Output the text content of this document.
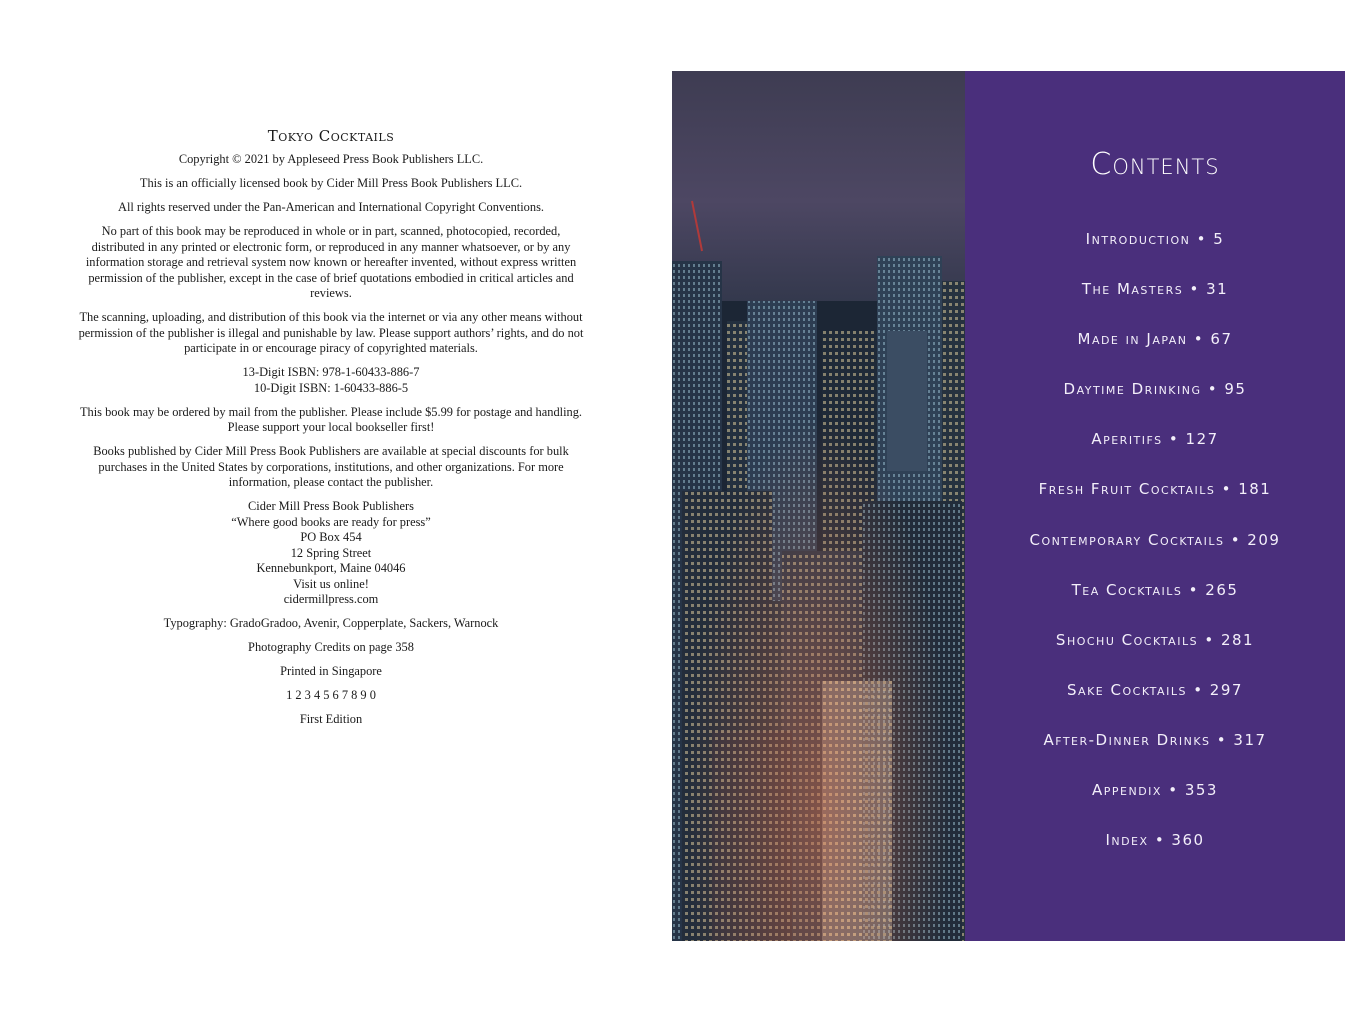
Tokyo Cocktails

Copyright © 2021 by Appleseed Press Book Publishers LLC.

This is an officially licensed book by Cider Mill Press Book Publishers LLC.

All rights reserved under the Pan-American and International Copyright Conventions.

No part of this book may be reproduced in whole or in part, scanned, photocopied, recorded, distributed in any printed or electronic form, or reproduced in any manner whatsoever, or by any information storage and retrieval system now known or hereafter invented, without express written permission of the publisher, except in the case of brief quotations embodied in critical articles and reviews.

The scanning, uploading, and distribution of this book via the internet or via any other means without permission of the publisher is illegal and punishable by law. Please support authors’ rights, and do not participate in or encourage piracy of copyrighted materials.

13-Digit ISBN: 978-1-60433-886-7
10-Digit ISBN: 1-60433-886-5

This book may be ordered by mail from the publisher. Please include $5.99 for postage and handling. Please support your local bookseller first!

Books published by Cider Mill Press Book Publishers are available at special discounts for bulk purchases in the United States by corporations, institutions, and other organizations. For more information, please contact the publisher.

Cider Mill Press Book Publishers
“Where good books are ready for press”
PO Box 454
12 Spring Street
Kennebunkport, Maine 04046
Visit us online!
cidermillpress.com

Typography: GradoGradoo, Avenir, Copperplate, Sackers, Warnock

Photography Credits on page 358

Printed in Singapore

1 2 3 4 5 6 7 8 9 0

First Edition

Contents
Introduction • 5
The Masters • 31
Made in Japan • 67
Daytime Drinking • 95
Aperitifs • 127
Fresh Fruit Cocktails • 181
Contemporary Cocktails • 209
Tea Cocktails • 265
Shochu Cocktails • 281
Sake Cocktails • 297
After-Dinner Drinks • 317
Appendix • 353
Index • 360
